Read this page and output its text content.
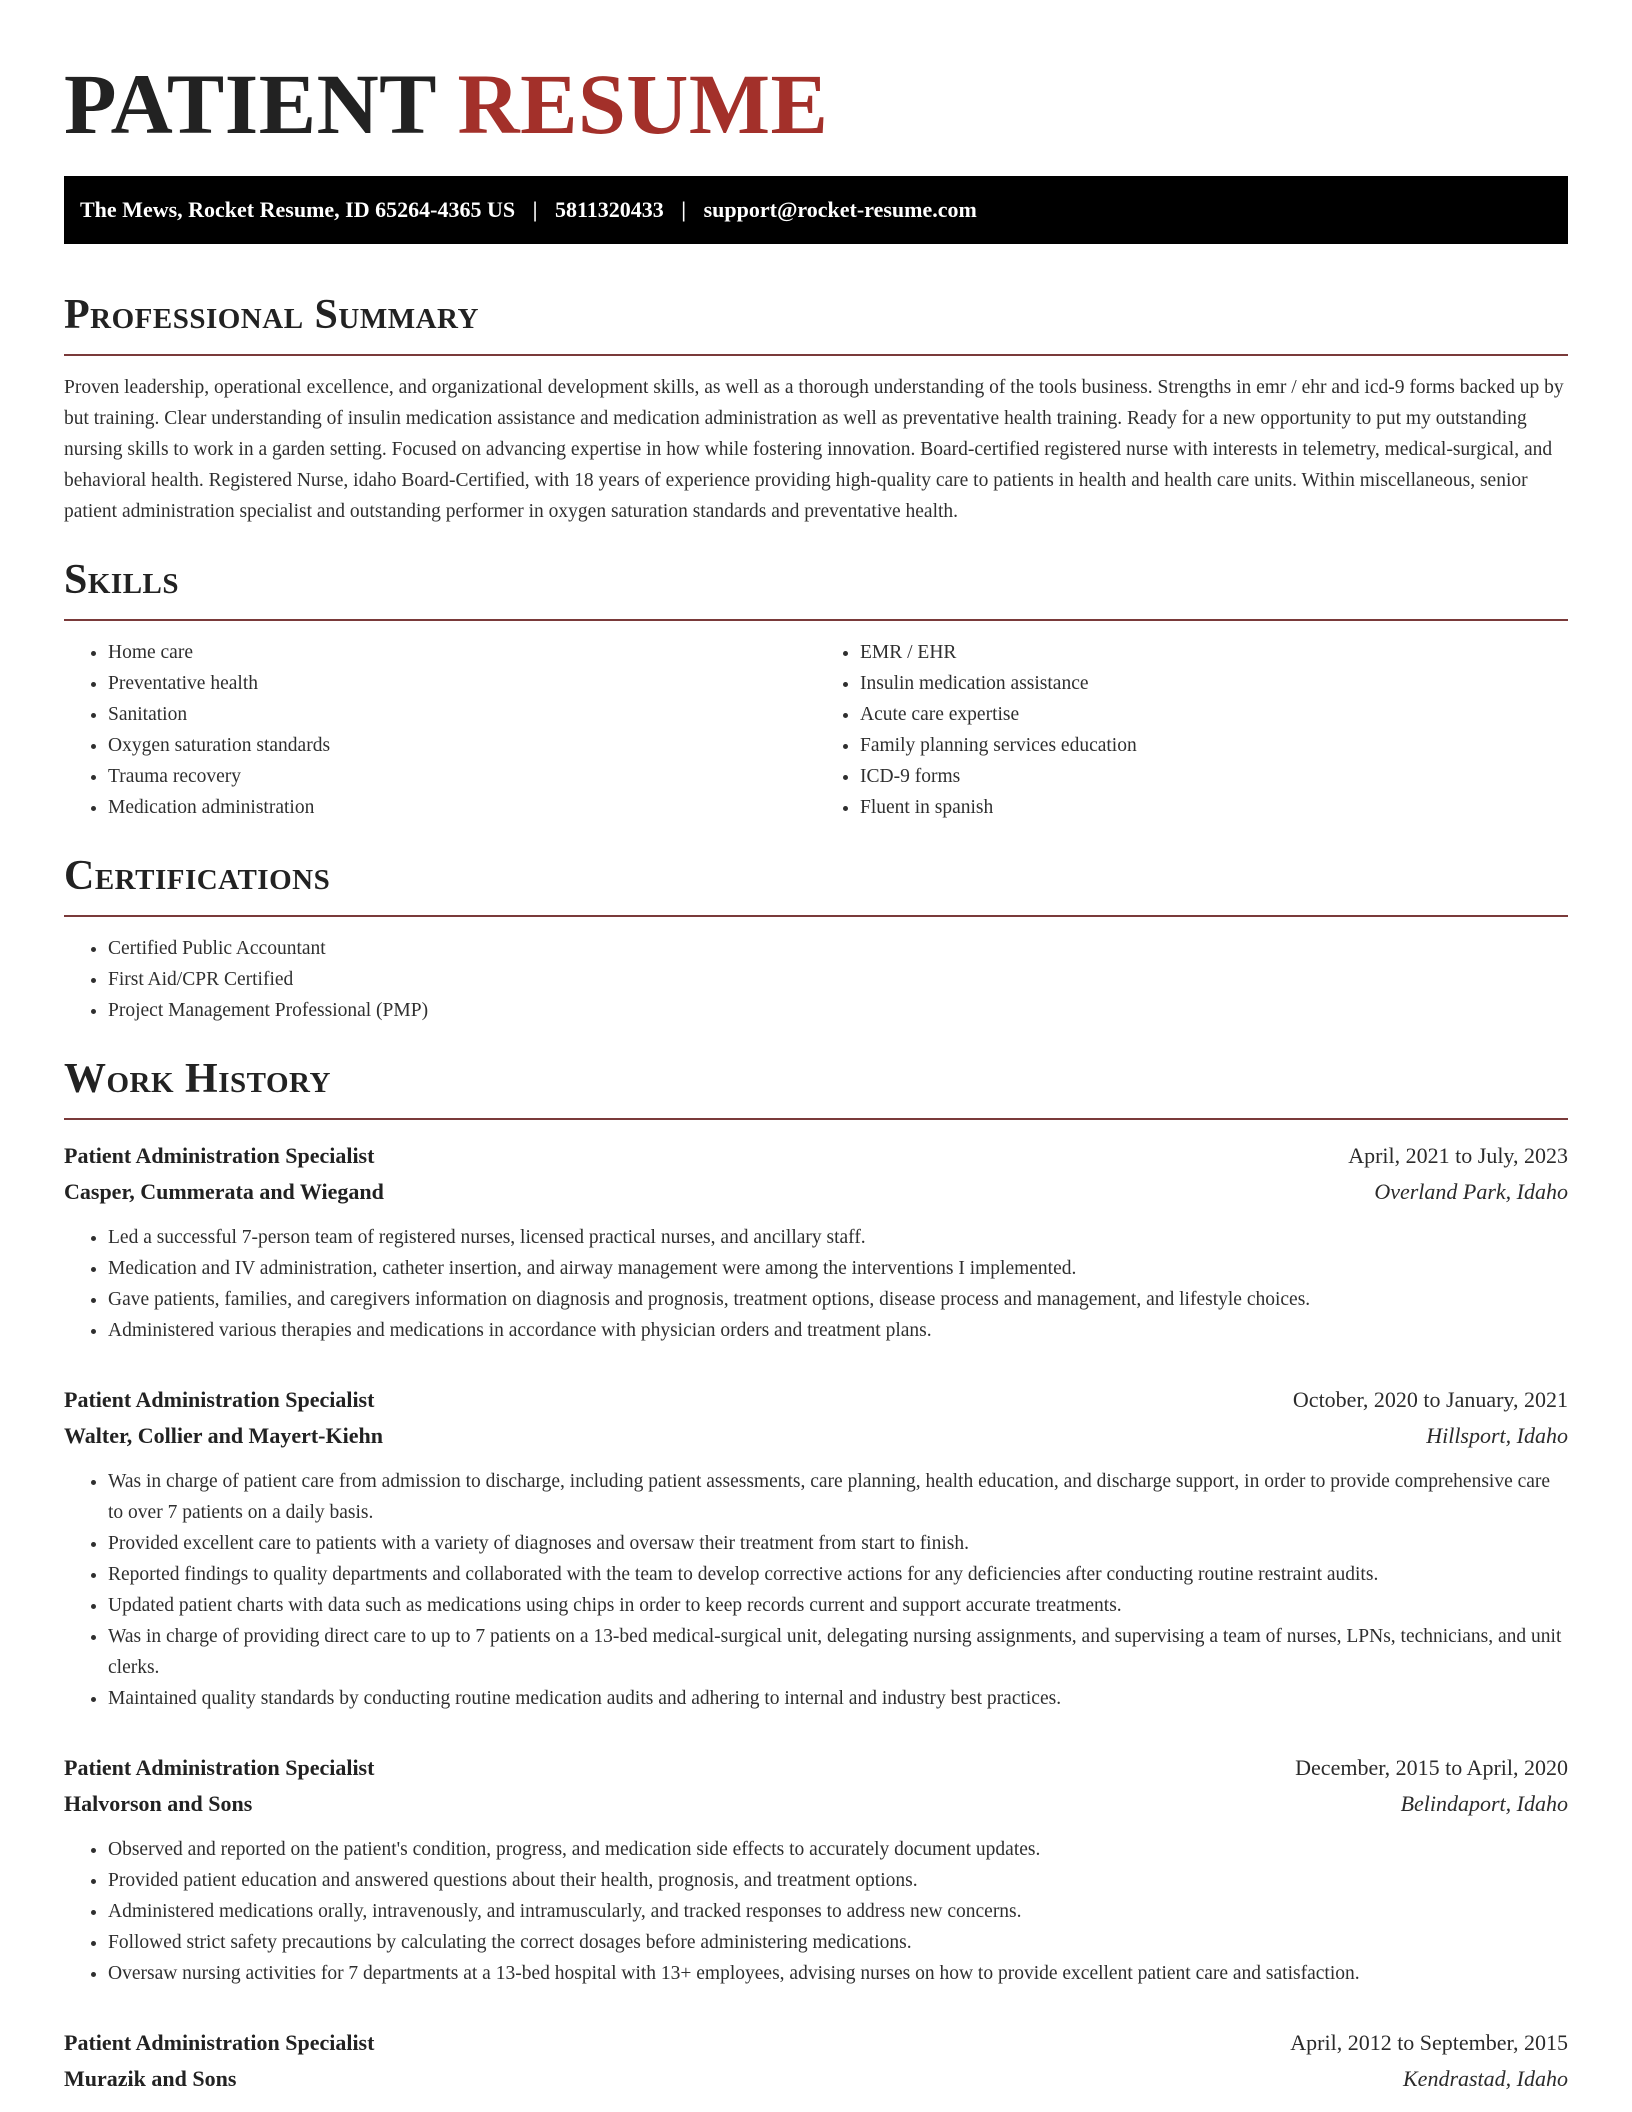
PATIENT RESUME
The Mews, Rocket Resume, ID 65264-4365 US | 5811320433 | support@rocket-resume.com
Professional Summary

Proven leadership, operational excellence, and organizational development skills, as well as a thorough understanding of the tools business. Strengths in emr / ehr and icd-9 forms backed up by but training. Clear understanding of insulin medication assistance and medication administration as well as preventative health training. Ready for a new opportunity to put my outstanding nursing skills to work in a garden setting. Focused on advancing expertise in how while fostering innovation. Board-certified registered nurse with interests in telemetry, medical-surgical, and behavioral health. Registered Nurse, idaho Board-Certified, with 18 years of experience providing high-quality care to patients in health and health care units. Within miscellaneous, senior patient administration specialist and outstanding performer in oxygen saturation standards and preventative health.

Skills
• Home care
• Preventative health
• Sanitation
• Oxygen saturation standards
• Trauma recovery
• Medication administration
• EMR / EHR
• Insulin medication assistance
• Acute care expertise
• Family planning services education
• ICD-9 forms
• Fluent in spanish
Certifications
• Certified Public Accountant
• First Aid/CPR Certified
• Project Management Professional (PMP)
Work History
Patient Administration Specialist	April, 2021 to July, 2023
Casper, Cummerata and Wiegand	Overland Park, Idaho
• Led a successful 7-person team of registered nurses, licensed practical nurses, and ancillary staff.
• Medication and IV administration, catheter insertion, and airway management were among the interventions I implemented.
• Gave patients, families, and caregivers information on diagnosis and prognosis, treatment options, disease process and management, and lifestyle choices.
• Administered various therapies and medications in accordance with physician orders and treatment plans.
Patient Administration Specialist	October, 2020 to January, 2021
Walter, Collier and Mayert-Kiehn	Hillsport, Idaho
• Was in charge of patient care from admission to discharge, including patient assessments, care planning, health education, and discharge support, in order to provide comprehensive care to over 7 patients on a daily basis.
• Provided excellent care to patients with a variety of diagnoses and oversaw their treatment from start to finish.
• Reported findings to quality departments and collaborated with the team to develop corrective actions for any deficiencies after conducting routine restraint audits.
• Updated patient charts with data such as medications using chips in order to keep records current and support accurate treatments.
• Was in charge of providing direct care to up to 7 patients on a 13-bed medical-surgical unit, delegating nursing assignments, and supervising a team of nurses, LPNs, technicians, and unit clerks.
• Maintained quality standards by conducting routine medication audits and adhering to internal and industry best practices.
Patient Administration Specialist	December, 2015 to April, 2020
Halvorson and Sons	Belindaport, Idaho
• Observed and reported on the patient's condition, progress, and medication side effects to accurately document updates.
• Provided patient education and answered questions about their health, prognosis, and treatment options.
• Administered medications orally, intravenously, and intramuscularly, and tracked responses to address new concerns.
• Followed strict safety precautions by calculating the correct dosages before administering medications.
• Oversaw nursing activities for 7 departments at a 13-bed hospital with 13+ employees, advising nurses on how to provide excellent patient care and satisfaction.
Patient Administration Specialist	April, 2012 to September, 2015
Murazik and Sons	Kendrastad, Idaho
